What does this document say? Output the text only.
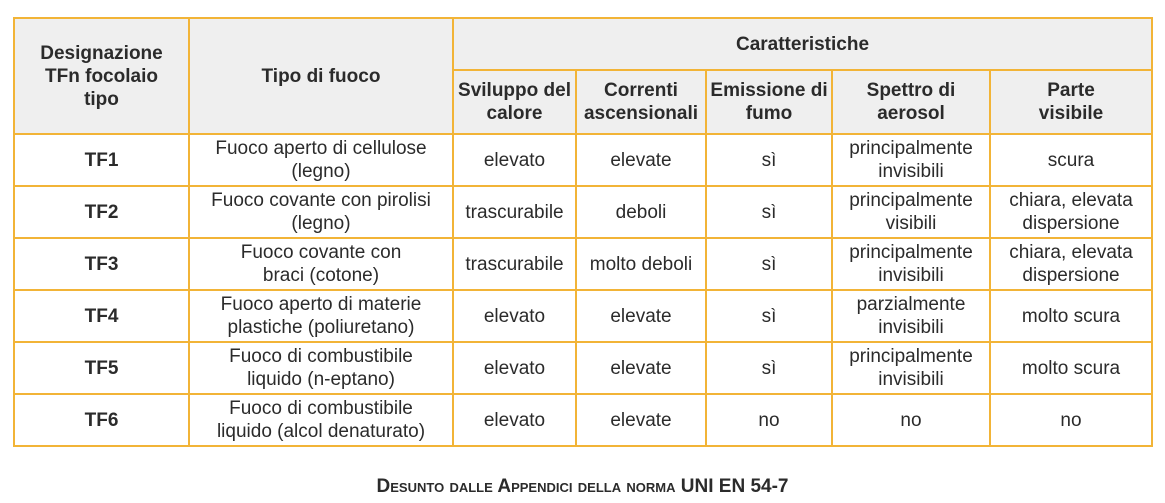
Designazione TFn focolaio tipo	Tipo di fuoco	Caratteristiche				
		Sviluppo del calore	Correnti ascensionali	Emissione di fumo	Spettro di aerosol	Parte visibile
TF1	Fuoco aperto di cellulose (legno)	elevato	elevate	sì	principalmente invisibili	scura
TF2	Fuoco covante con pirolisi (legno)	trascurabile	deboli	sì	principalmente visibili	chiara, elevata dispersione
TF3	Fuoco covante con braci (cotone)	trascurabile	molto deboli	sì	principalmente invisibili	chiara, elevata dispersione
TF4	Fuoco aperto di materie plastiche (poliuretano)	elevato	elevate	sì	parzialmente invisibili	molto scura
TF5	Fuoco di combustibile liquido (n-eptano)	elevato	elevate	sì	principalmente invisibili	molto scura
TF6	Fuoco di combustibile liquido (alcol denaturato)	elevato	elevate	no	no	no
Desunto dalle Appendici della norma UNI EN 54-7
